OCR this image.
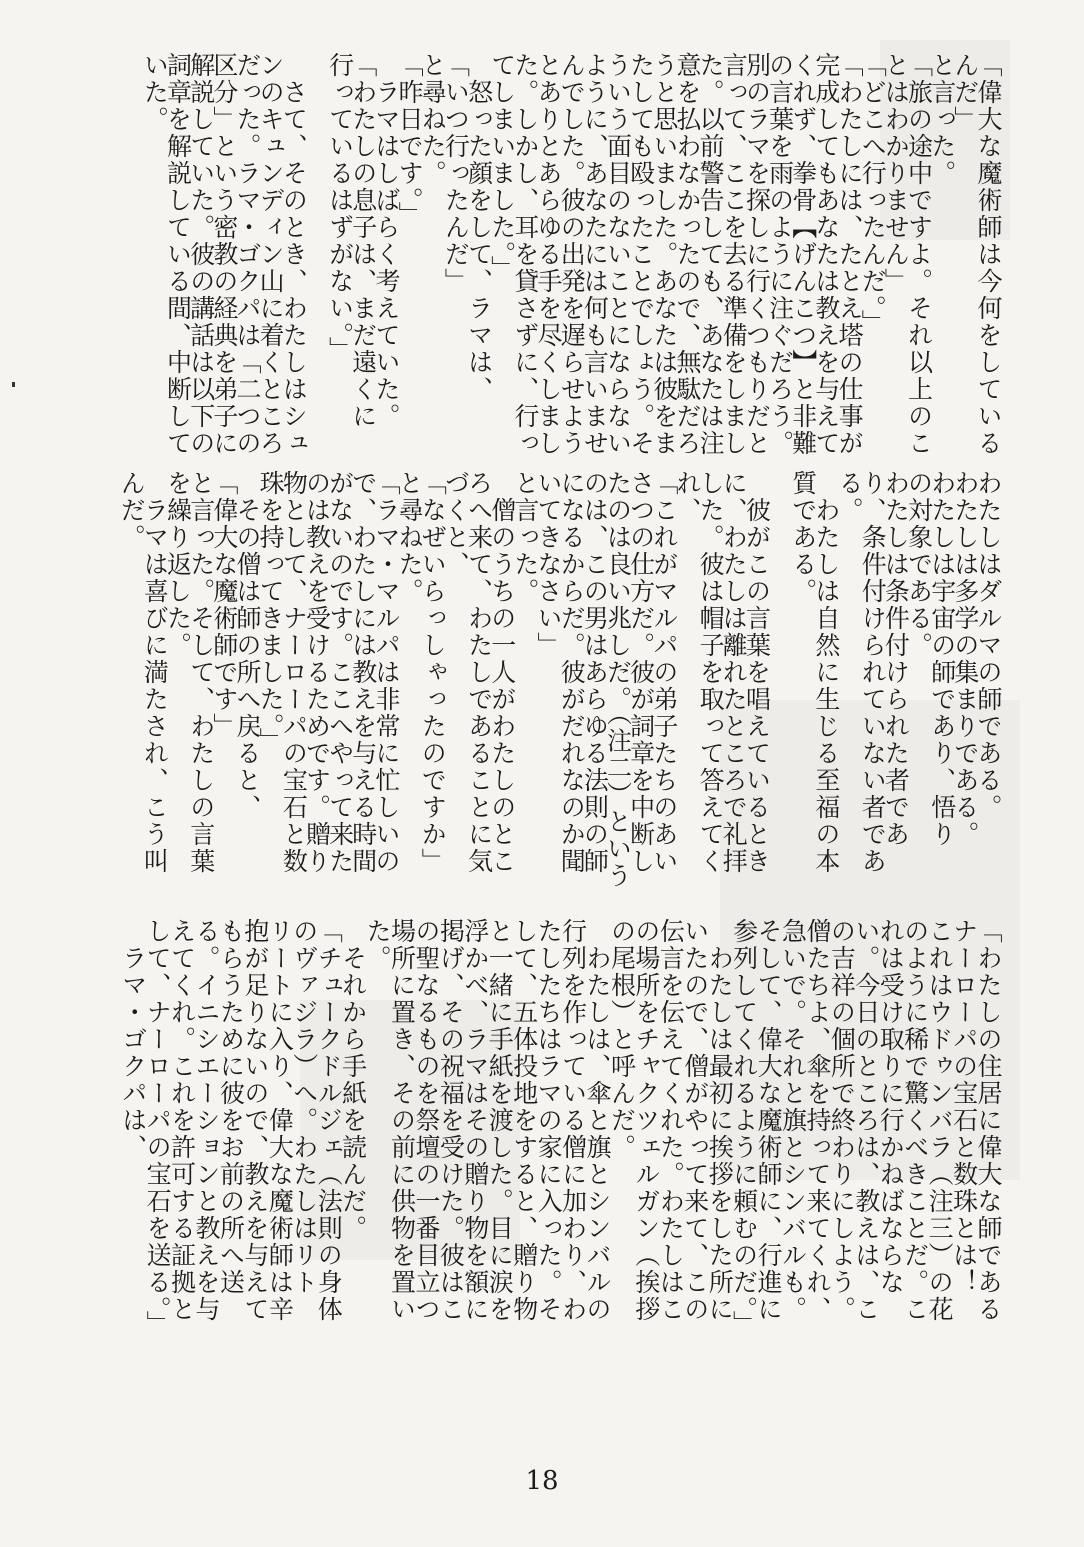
「偉大な魔術師は今何をしている
んだ」
と言った。
「旅の途中ですよ。それ以上のこ
とはわかりません」
「どこへ行ったんだ。」
「わたしには、たとえ塔の仕事が
完成してもあなたは教えを与えて
くれず、拳骨【げんこつ】と非難
の言葉を雨のように注ぐだろう。
別のラマを探しに行くつもりだと
言って、ここを去る準備をしまし
た。以前警告しても、あなたは注
意を払わなかったので、無駄だろ
うと思いました。あなたは彼をま
たしても殴ったことでしょう。そ
ういう面目のないことにならない
ように、あなたには何も言いませ
んでした。彼の出発を遅らせよう
とありとあらゆる手を尽くしまし
た。しかし、耳を貸さずに、行っ
てしまいました。」
　怒った顔をして、ラマは、
「いつ行ったんだ」
と尋ねた。
「昨日です。」
　ラマはしばらく考えていた。
「わたしの息子は、まだ遠くに
行っているはずがない。」
　さて、そのとき、わたしはシュ
ンのキュンディン山に着くところ
だった。ラマ・ゴクパは「二つの
区分」という密教の経典を弟子に
解説していた。彼の講話は以下の
詞章を解説している間、中断して
いた。
わたしはダルマの師である。
わたしは多学の集まりである。
わたしは宇宙の師であり、悟り
の対象である。
わたしは条件付けられた者であ
り、条件付けられていない者であ
る。
　わたしは自然に生じる至福の本
質である。
　彼がこの言葉を唱えているとき
に、わたしは離れたところで礼拝
した。彼は帽子を取って答えてく
れ、
「これがマルパの弟子たちのあい
さつの仕方だ。彼が詞章を中断し
たのは良い兆しだ。（注二）という
のは、この男はあらゆる法則の師
になるからだ。彼がだれなのか聞
いてきなさい」
と言った。
　僧のうちの一人がわたしのとこ
ろへ来て、わたしであることに気
づくと、
「なぜいらっしゃったのですか」
と尋ねた。
「ラマ・マルパは非常に忙しいの
で、わたしには教えを与える時間
がないのです。ここへやって来た
のは教えを受けるためです。贈り
物として、ナーローパの宝石と数
珠を持ってきました。」
　その僧は師の所へ戻ると、
「偉大な魔術師です」
と言った。そして、わたしの言葉
を繰り返した。
　ラマは喜びに満たされ、こう叫
んだ。
「わたしの住居に偉大な師である
ナーローパの宝石と数珠とは！
これはウドゥンバラ（注三）の花
のように稀で驚くべきことだ。こ
れは受け取りに行かねばならな
い。今日のところは、教えは、こ
の吉祥の個所で終わりにしよう。
僧たちよ、傘を持って来てくれ、
急いで。それと旗とシンバルも。
そして、偉大な魔術師に、行進に
参列してくれるように頼むのだ。」
　わたしは最初に挨拶をした所に
いたので、僧がやって来て、この
伝言を伝えてくれた。わたしはこ
の場所をチャクツェルガン（挨拶
の尾根）と呼んだ。
　わたしは、傘と旗とシンバルの
行列を作っている僧に加わり、わ
たしたちはラマの家に入った。そ
して、五体投地をすると、贈り物
と一緒に手紙を渡した。目に涙を
浮かべ、ラマはその贈り物を額に
掲げ、その祝福を受けた。彼はこ
の聖なるものを祭壇の一番目立つ
場所に置き、その前に供物を置い
た。
　それから手紙を読んだ。
「チュークドルジェ（法則の身体
のヴァジラ）へ。わたしはリト
リートに入り、偉大な魔術師は辛
抱が足りないので、教えを与えて
もらうために彼をお前の所へ送
る。イニシエーションと教えを与
えてくれ。これを許可する証拠と
して、ナーローパの宝石を送る。」
　ラマ・ゴクパは、
18
